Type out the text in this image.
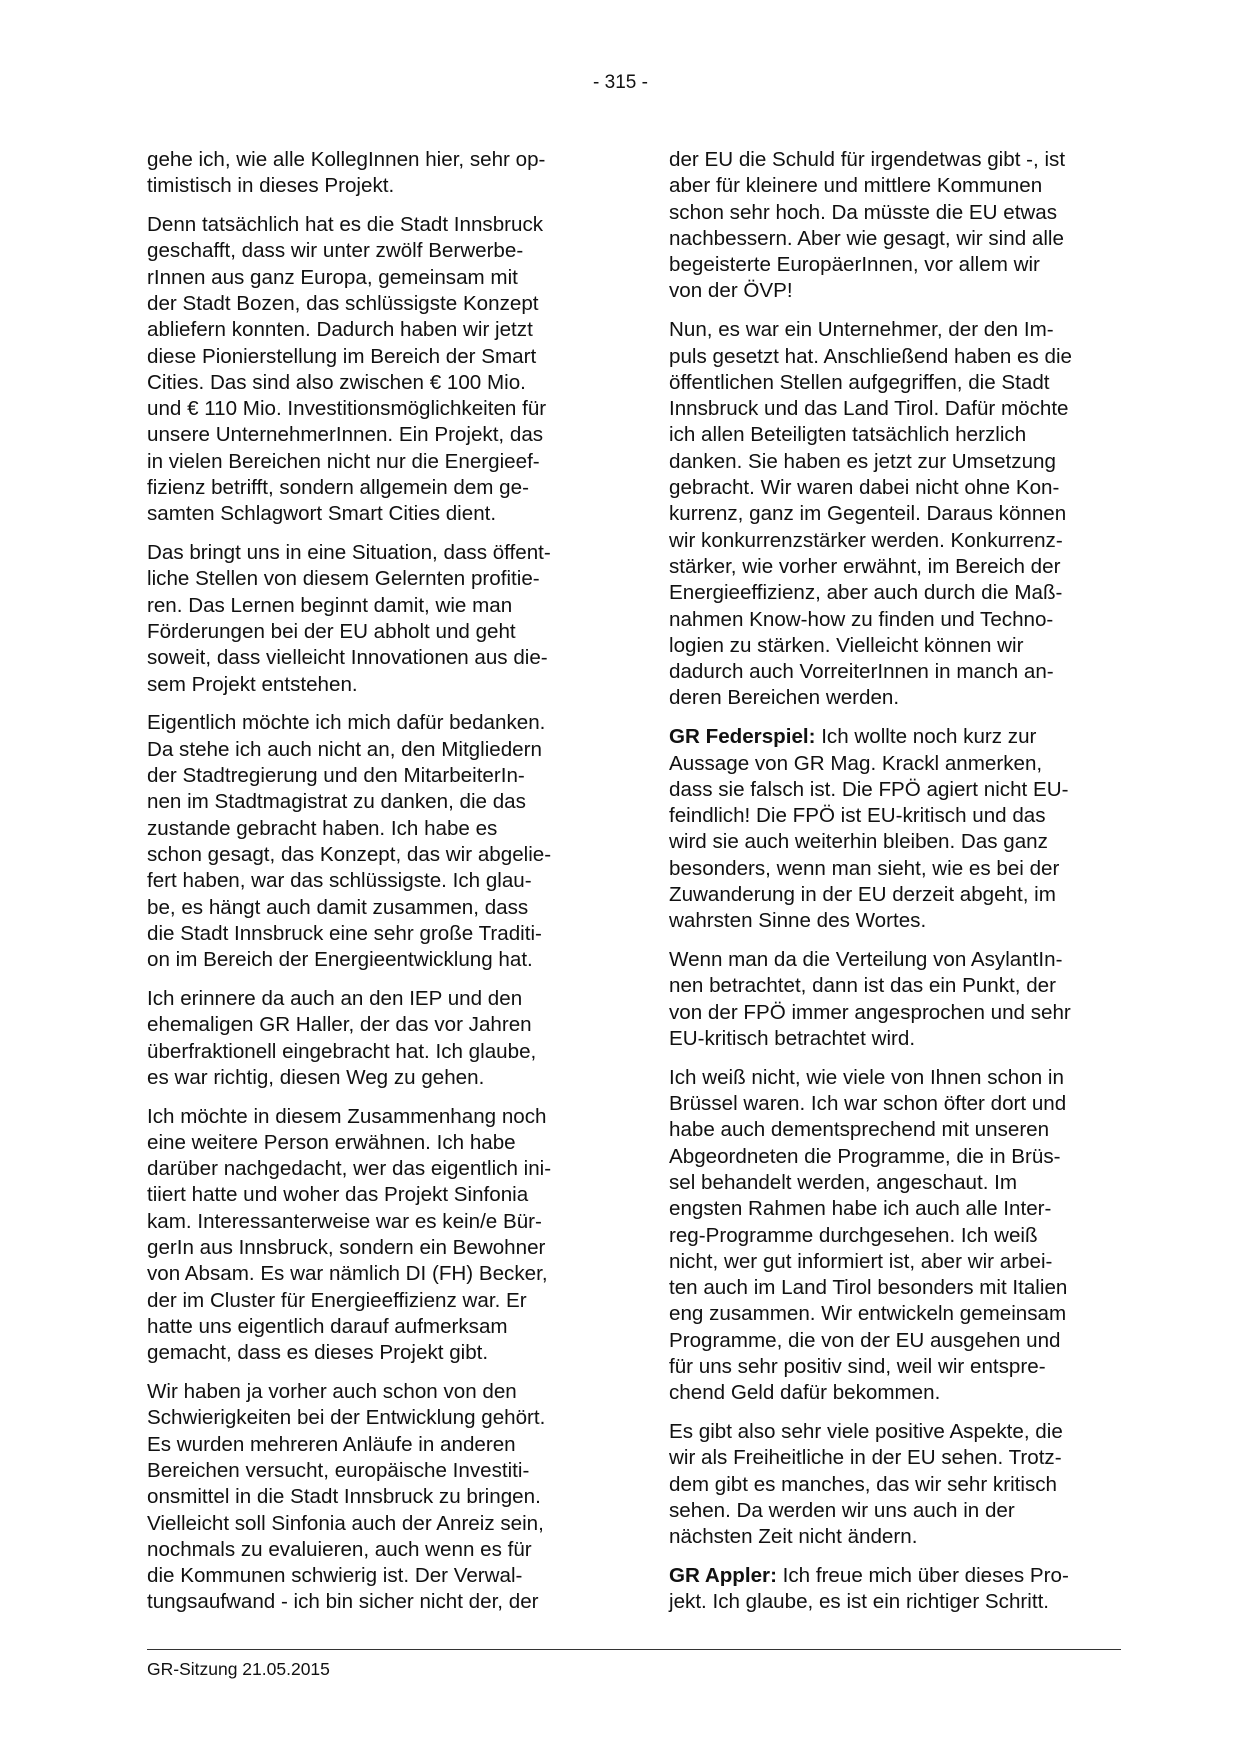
- 315 -

gehe ich, wie alle KollegInnen hier, sehr op-
timistisch in dieses Projekt.

Denn tatsächlich hat es die Stadt Innsbruck
geschafft, dass wir unter zwölf Berwerbe-
rInnen aus ganz Europa, gemeinsam mit
der Stadt Bozen, das schlüssigste Konzept
abliefern konnten. Dadurch haben wir jetzt
diese Pionierstellung im Bereich der Smart
Cities. Das sind also zwischen € 100 Mio.
und € 110 Mio. Investitionsmöglichkeiten für
unsere UnternehmerInnen. Ein Projekt, das
in vielen Bereichen nicht nur die Energieef-
fizienz betrifft, sondern allgemein dem ge-
samten Schlagwort Smart Cities dient.

Das bringt uns in eine Situation, dass öffent-
liche Stellen von diesem Gelernten profitie-
ren. Das Lernen beginnt damit, wie man
Förderungen bei der EU abholt und geht
soweit, dass vielleicht Innovationen aus die-
sem Projekt entstehen.

Eigentlich möchte ich mich dafür bedanken.
Da stehe ich auch nicht an, den Mitgliedern
der Stadtregierung und den MitarbeiterIn-
nen im Stadtmagistrat zu danken, die das
zustande gebracht haben. Ich habe es
schon gesagt, das Konzept, das wir abgelie-
fert haben, war das schlüssigste. Ich glau-
be, es hängt auch damit zusammen, dass
die Stadt Innsbruck eine sehr große Traditi-
on im Bereich der Energieentwicklung hat.

Ich erinnere da auch an den IEP und den
ehemaligen GR Haller, der das vor Jahren
überfraktionell eingebracht hat. Ich glaube,
es war richtig, diesen Weg zu gehen.

Ich möchte in diesem Zusammenhang noch
eine weitere Person erwähnen. Ich habe
darüber nachgedacht, wer das eigentlich ini-
tiiert hatte und woher das Projekt Sinfonia
kam. Interessanterweise war es kein/e Bür-
gerIn aus Innsbruck, sondern ein Bewohner
von Absam. Es war nämlich DI (FH) Becker,
der im Cluster für Energieeffizienz war. Er
hatte uns eigentlich darauf aufmerksam
gemacht, dass es dieses Projekt gibt.

Wir haben ja vorher auch schon von den
Schwierigkeiten bei der Entwicklung gehört.
Es wurden mehreren Anläufe in anderen
Bereichen versucht, europäische Investiti-
onsmittel in die Stadt Innsbruck zu bringen.
Vielleicht soll Sinfonia auch der Anreiz sein,
nochmals zu evaluieren, auch wenn es für
die Kommunen schwierig ist. Der Verwal-
tungsaufwand - ich bin sicher nicht der, der

der EU die Schuld für irgendetwas gibt -, ist
aber für kleinere und mittlere Kommunen
schon sehr hoch. Da müsste die EU etwas
nachbessern. Aber wie gesagt, wir sind alle
begeisterte EuropäerInnen, vor allem wir
von der ÖVP!

Nun, es war ein Unternehmer, der den Im-
puls gesetzt hat. Anschließend haben es die
öffentlichen Stellen aufgegriffen, die Stadt
Innsbruck und das Land Tirol. Dafür möchte
ich allen Beteiligten tatsächlich herzlich
danken. Sie haben es jetzt zur Umsetzung
gebracht. Wir waren dabei nicht ohne Kon-
kurrenz, ganz im Gegenteil. Daraus können
wir konkurrenzstärker werden. Konkurrenz-
stärker, wie vorher erwähnt, im Bereich der
Energieeffizienz, aber auch durch die Maß-
nahmen Know-how zu finden und Techno-
logien zu stärken. Vielleicht können wir
dadurch auch VorreiterInnen in manch an-
deren Bereichen werden.

GR Federspiel: Ich wollte noch kurz zur
Aussage von GR Mag. Krackl anmerken,
dass sie falsch ist. Die FPÖ agiert nicht EU-
feindlich! Die FPÖ ist EU-kritisch und das
wird sie auch weiterhin bleiben. Das ganz
besonders, wenn man sieht, wie es bei der
Zuwanderung in der EU derzeit abgeht, im
wahrsten Sinne des Wortes.

Wenn man da die Verteilung von AsylantIn-
nen betrachtet, dann ist das ein Punkt, der
von der FPÖ immer angesprochen und sehr
EU-kritisch betrachtet wird.

Ich weiß nicht, wie viele von Ihnen schon in
Brüssel waren. Ich war schon öfter dort und
habe auch dementsprechend mit unseren
Abgeordneten die Programme, die in Brüs-
sel behandelt werden, angeschaut. Im
engsten Rahmen habe ich auch alle Inter-
reg-Programme durchgesehen. Ich weiß
nicht, wer gut informiert ist, aber wir arbei-
ten auch im Land Tirol besonders mit Italien
eng zusammen. Wir entwickeln gemeinsam
Programme, die von der EU ausgehen und
für uns sehr positiv sind, weil wir entspre-
chend Geld dafür bekommen.

Es gibt also sehr viele positive Aspekte, die
wir als Freiheitliche in der EU sehen. Trotz-
dem gibt es manches, das wir sehr kritisch
sehen. Da werden wir uns auch in der
nächsten Zeit nicht ändern.

GR Appler: Ich freue mich über dieses Pro-
jekt. Ich glaube, es ist ein richtiger Schritt.

GR-Sitzung 21.05.2015
